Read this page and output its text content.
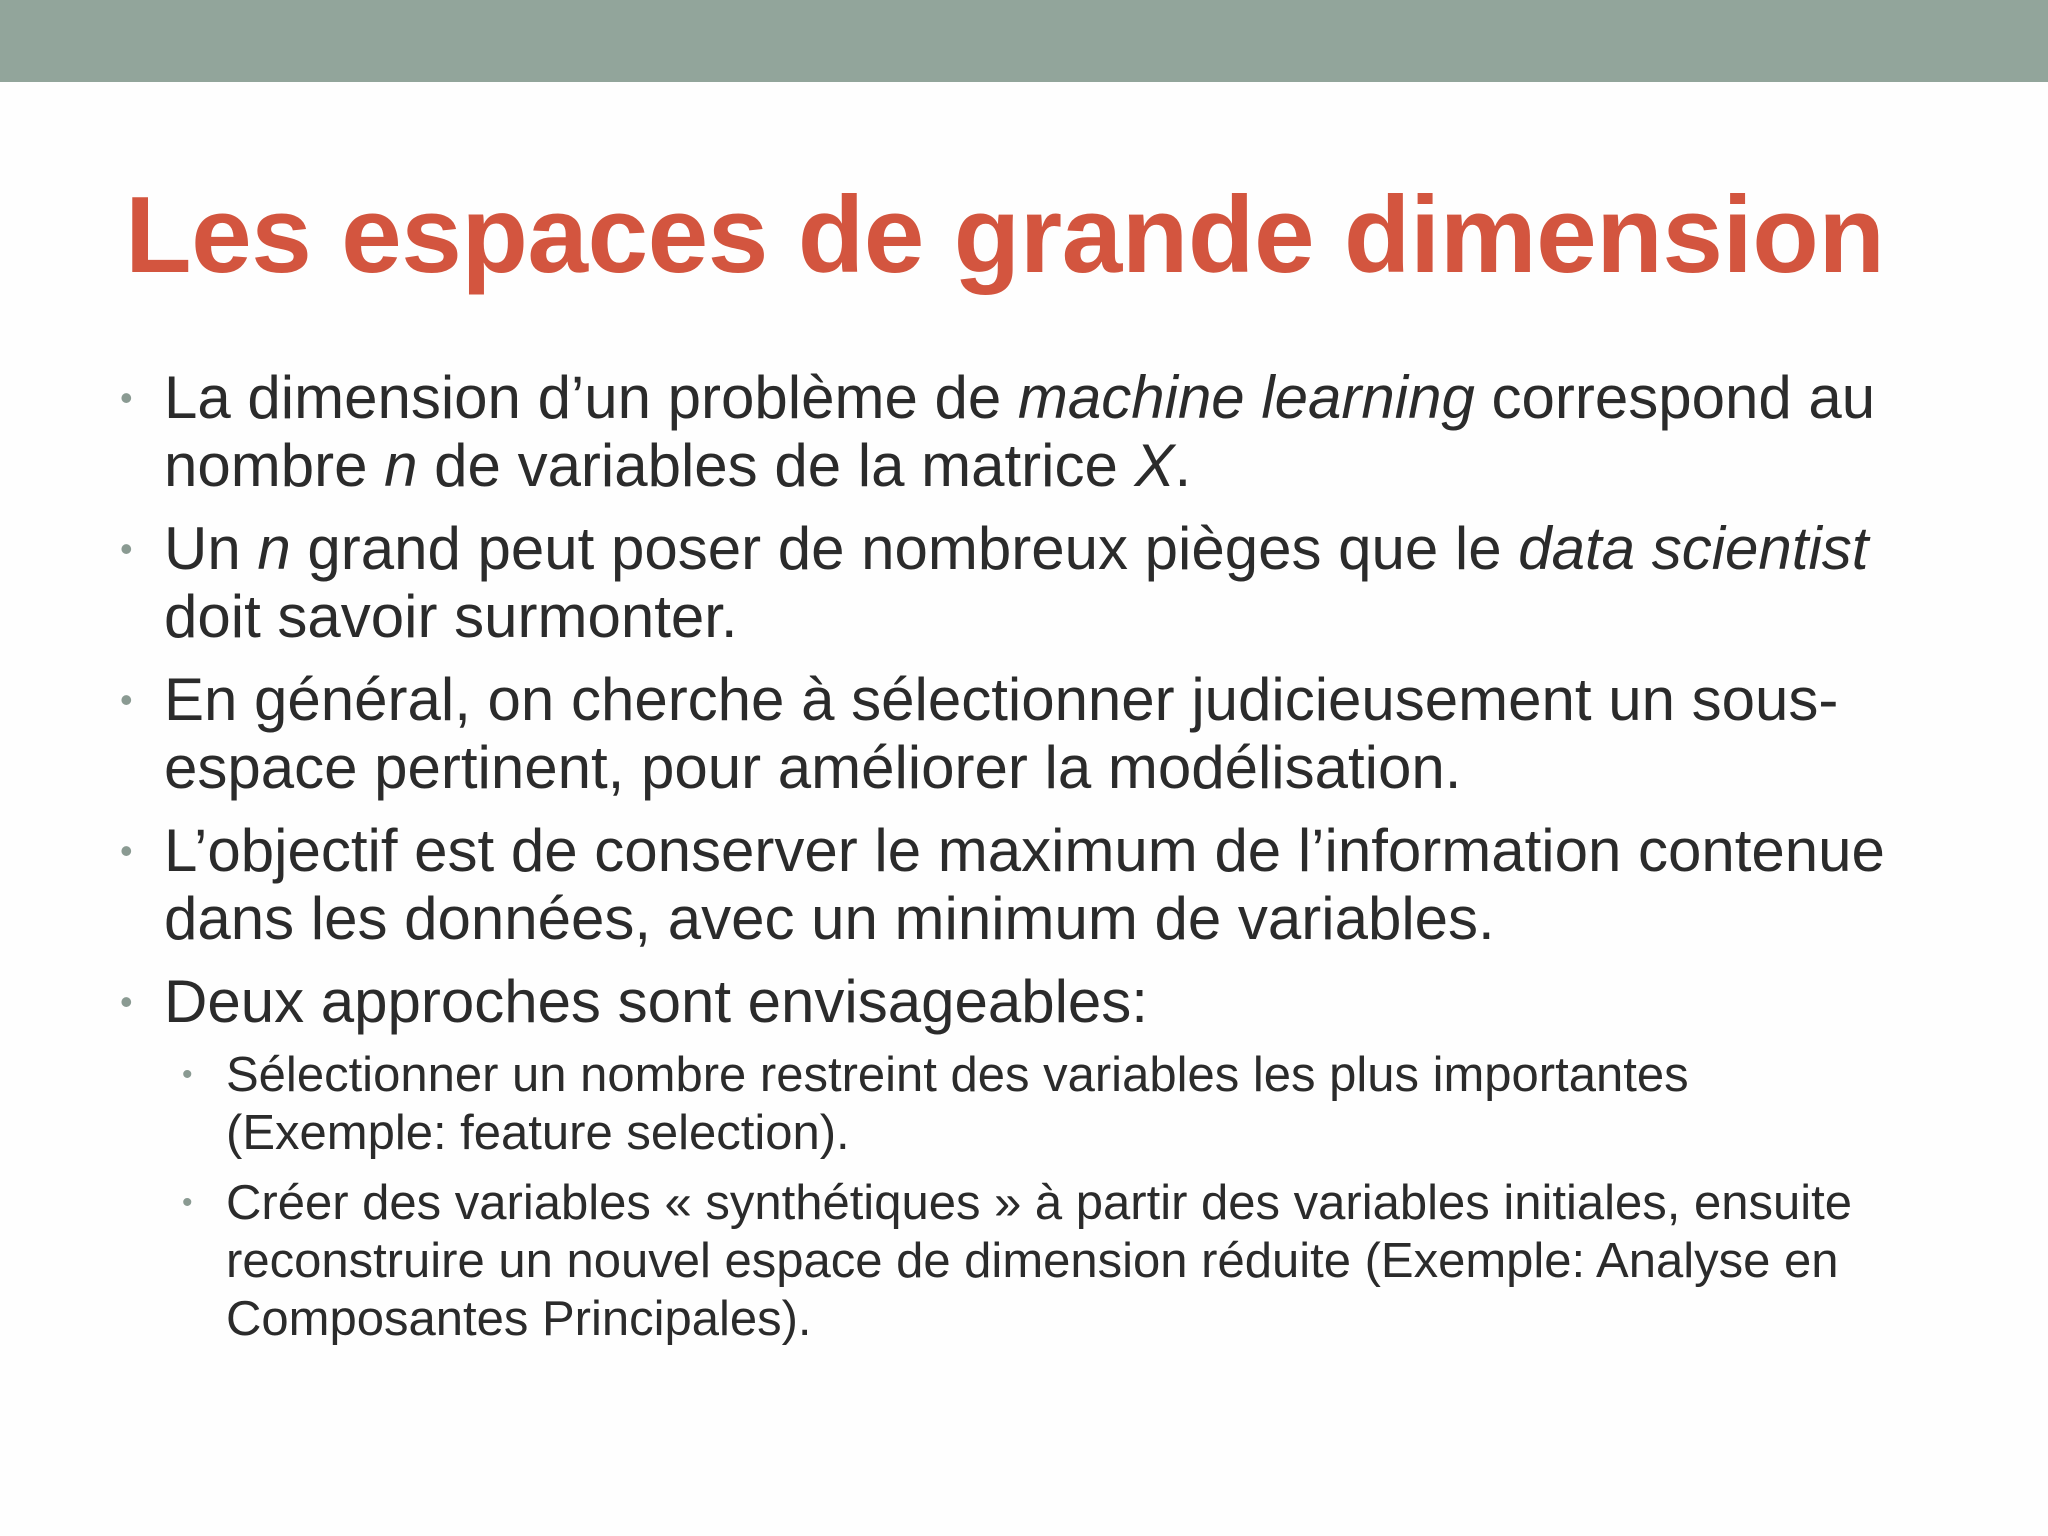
Les espaces de grande dimension
• La dimension d’un problème de machine learning correspond au nombre n de variables de la matrice X.
• Un n grand peut poser de nombreux pièges que le data scientist doit savoir surmonter.
• En général, on cherche à sélectionner judicieusement un sous-espace pertinent, pour améliorer la modélisation.
• L’objectif est de conserver le maximum de l’information contenue dans les données, avec un minimum de variables.
• Deux approches sont envisageables:
• Sélectionner un nombre restreint des variables les plus importantes (Exemple: feature selection).
• Créer des variables « synthétiques » à partir des variables initiales, ensuite reconstruire un nouvel espace de dimension réduite (Exemple: Analyse en Composantes Principales).
